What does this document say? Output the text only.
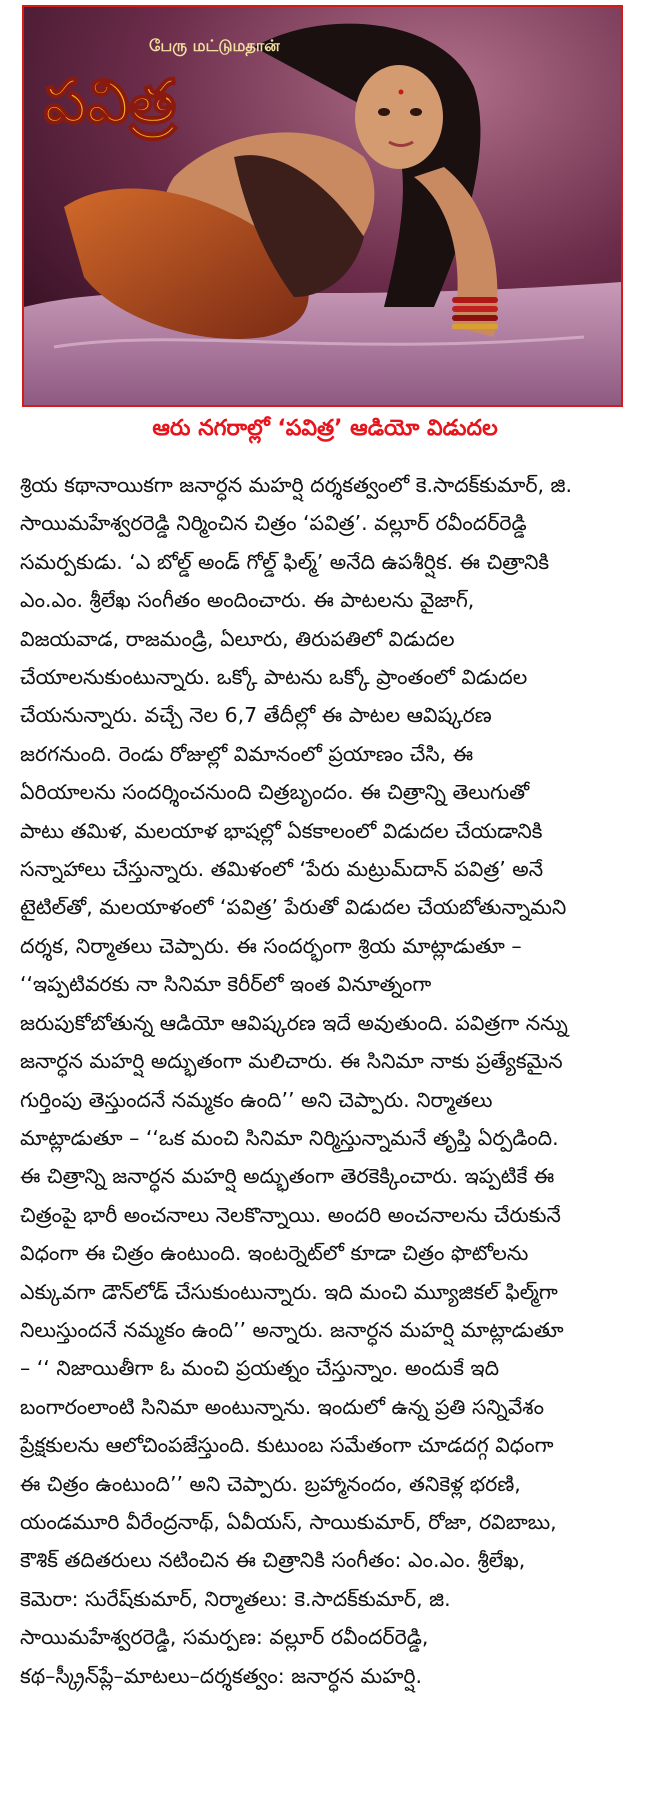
பேரு மட்டுமதான்
పవిత్ర
ఆరు నగరాల్లో ‘పవిత్ర’ ఆడియో విడుదల

శ్రియ కథానాయికగా జనార్ధన మహర్షి దర్శకత్వంలో కె.సాదక్‌కుమార్‌, జి.

సాయిమహేశ్వరరెడ్డి నిర్మించిన చిత్రం ‘పవిత్ర’. వల్లూర్‌ రవీందర్‌రెడ్డి

సమర్పకుడు. ‘ఎ బోల్డ్‌ అండ్‌ గోల్డ్‌ ఫిల్మ్‌’ అనేది ఉపశీర్షిక. ఈ చిత్రానికి

ఎం.ఎం. శ్రీలేఖ సంగీతం అందించారు. ఈ పాటలను వైజాగ్‌,

విజయవాడ, రాజమండ్రి, ఏలూరు, తిరుపతిలో విడుదల

చేయాలనుకుంటున్నారు. ఒక్కో పాటను ఒక్కో ప్రాంతంలో విడుదల

చేయనున్నారు. వచ్చే నెల 6,7 తేదీల్లో ఈ పాటల ఆవిష్కరణ

జరగనుంది. రెండు రోజుల్లో విమానంలో ప్రయాణం చేసి, ఈ

ఏరియాలను సందర్శించనుంది చిత్రబృందం. ఈ చిత్రాన్ని తెలుగుతో

పాటు తమిళ, మలయాళ భాషల్లో ఏకకాలంలో విడుదల చేయడానికి

సన్నాహాలు చేస్తున్నారు. తమిళంలో ‘పేరు మట్రుమ్‌దాన్‌ పవిత్ర’ అనే

టైటిల్‌తో, మలయాళంలో ‘పవిత్ర’ పేరుతో విడుదల చేయబోతున్నామని

దర్శక, నిర్మాతలు చెప్పారు. ఈ సందర్భంగా శ్రియ మాట్లాడుతూ –

‘‘ఇప్పటివరకు నా సినిమా కెరీర్‌లో ఇంత వినూత్నంగా

జరుపుకోబోతున్న ఆడియో ఆవిష్కరణ ఇదే అవుతుంది. పవిత్రగా నన్ను

జనార్ధన మహర్షి అద్భుతంగా మలిచారు. ఈ సినిమా నాకు ప్రత్యేకమైన

గుర్తింపు తెస్తుందనే నమ్మకం ఉంది’’ అని చెప్పారు. నిర్మాతలు

మాట్లాడుతూ – ‘‘ఒక మంచి సినిమా నిర్మిస్తున్నామనే తృప్తి ఏర్పడింది.

ఈ చిత్రాన్ని జనార్ధన మహర్షి అద్భుతంగా తెరకెక్కించారు. ఇప్పటికే ఈ

చిత్రంపై భారీ అంచనాలు నెలకొన్నాయి. అందరి అంచనాలను చేరుకునే

విధంగా ఈ చిత్రం ఉంటుంది. ఇంటర్నెట్‌లో కూడా చిత్రం ఫొటోలను

ఎక్కువగా డౌన్‌లోడ్‌ చేసుకుంటున్నారు. ఇది మంచి మ్యూజికల్‌ ఫిల్మ్‌గా

నిలుస్తుందనే నమ్మకం ఉంది’’ అన్నారు. జనార్ధన మహర్షి మాట్లాడుతూ

– ‘‘ నిజాయితీగా ఓ మంచి ప్రయత్నం చేస్తున్నాం. అందుకే ఇది

బంగారంలాంటి సినిమా అంటున్నాను. ఇందులో ఉన్న ప్రతి సన్నివేశం

ప్రేక్షకులను ఆలోచింపజేస్తుంది. కుటుంబ సమేతంగా చూడదగ్గ విధంగా

ఈ చిత్రం ఉంటుంది’’ అని చెప్పారు. బ్రహ్మానందం, తనికెళ్ల భరణి,

యండమూరి వీరేంద్రనాథ్‌, ఏవీయస్‌, సాయికుమార్‌, రోజా, రవిబాబు,

కౌశిక్‌ తదితరులు నటించిన ఈ చిత్రానికి సంగీతం: ఎం.ఎం. శ్రీలేఖ,

కెమెరా: సురేష్‌కుమార్‌, నిర్మాతలు: కె.సాదక్‌కుమార్‌, జి.

సాయిమహేశ్వరరెడ్డి, సమర్పణ: వల్లూర్‌ రవీందర్‌రెడ్డి,

కథ–స్క్రీన్‌ప్లే–మాటలు–దర్శకత్వం: జనార్ధన మహర్షి.
